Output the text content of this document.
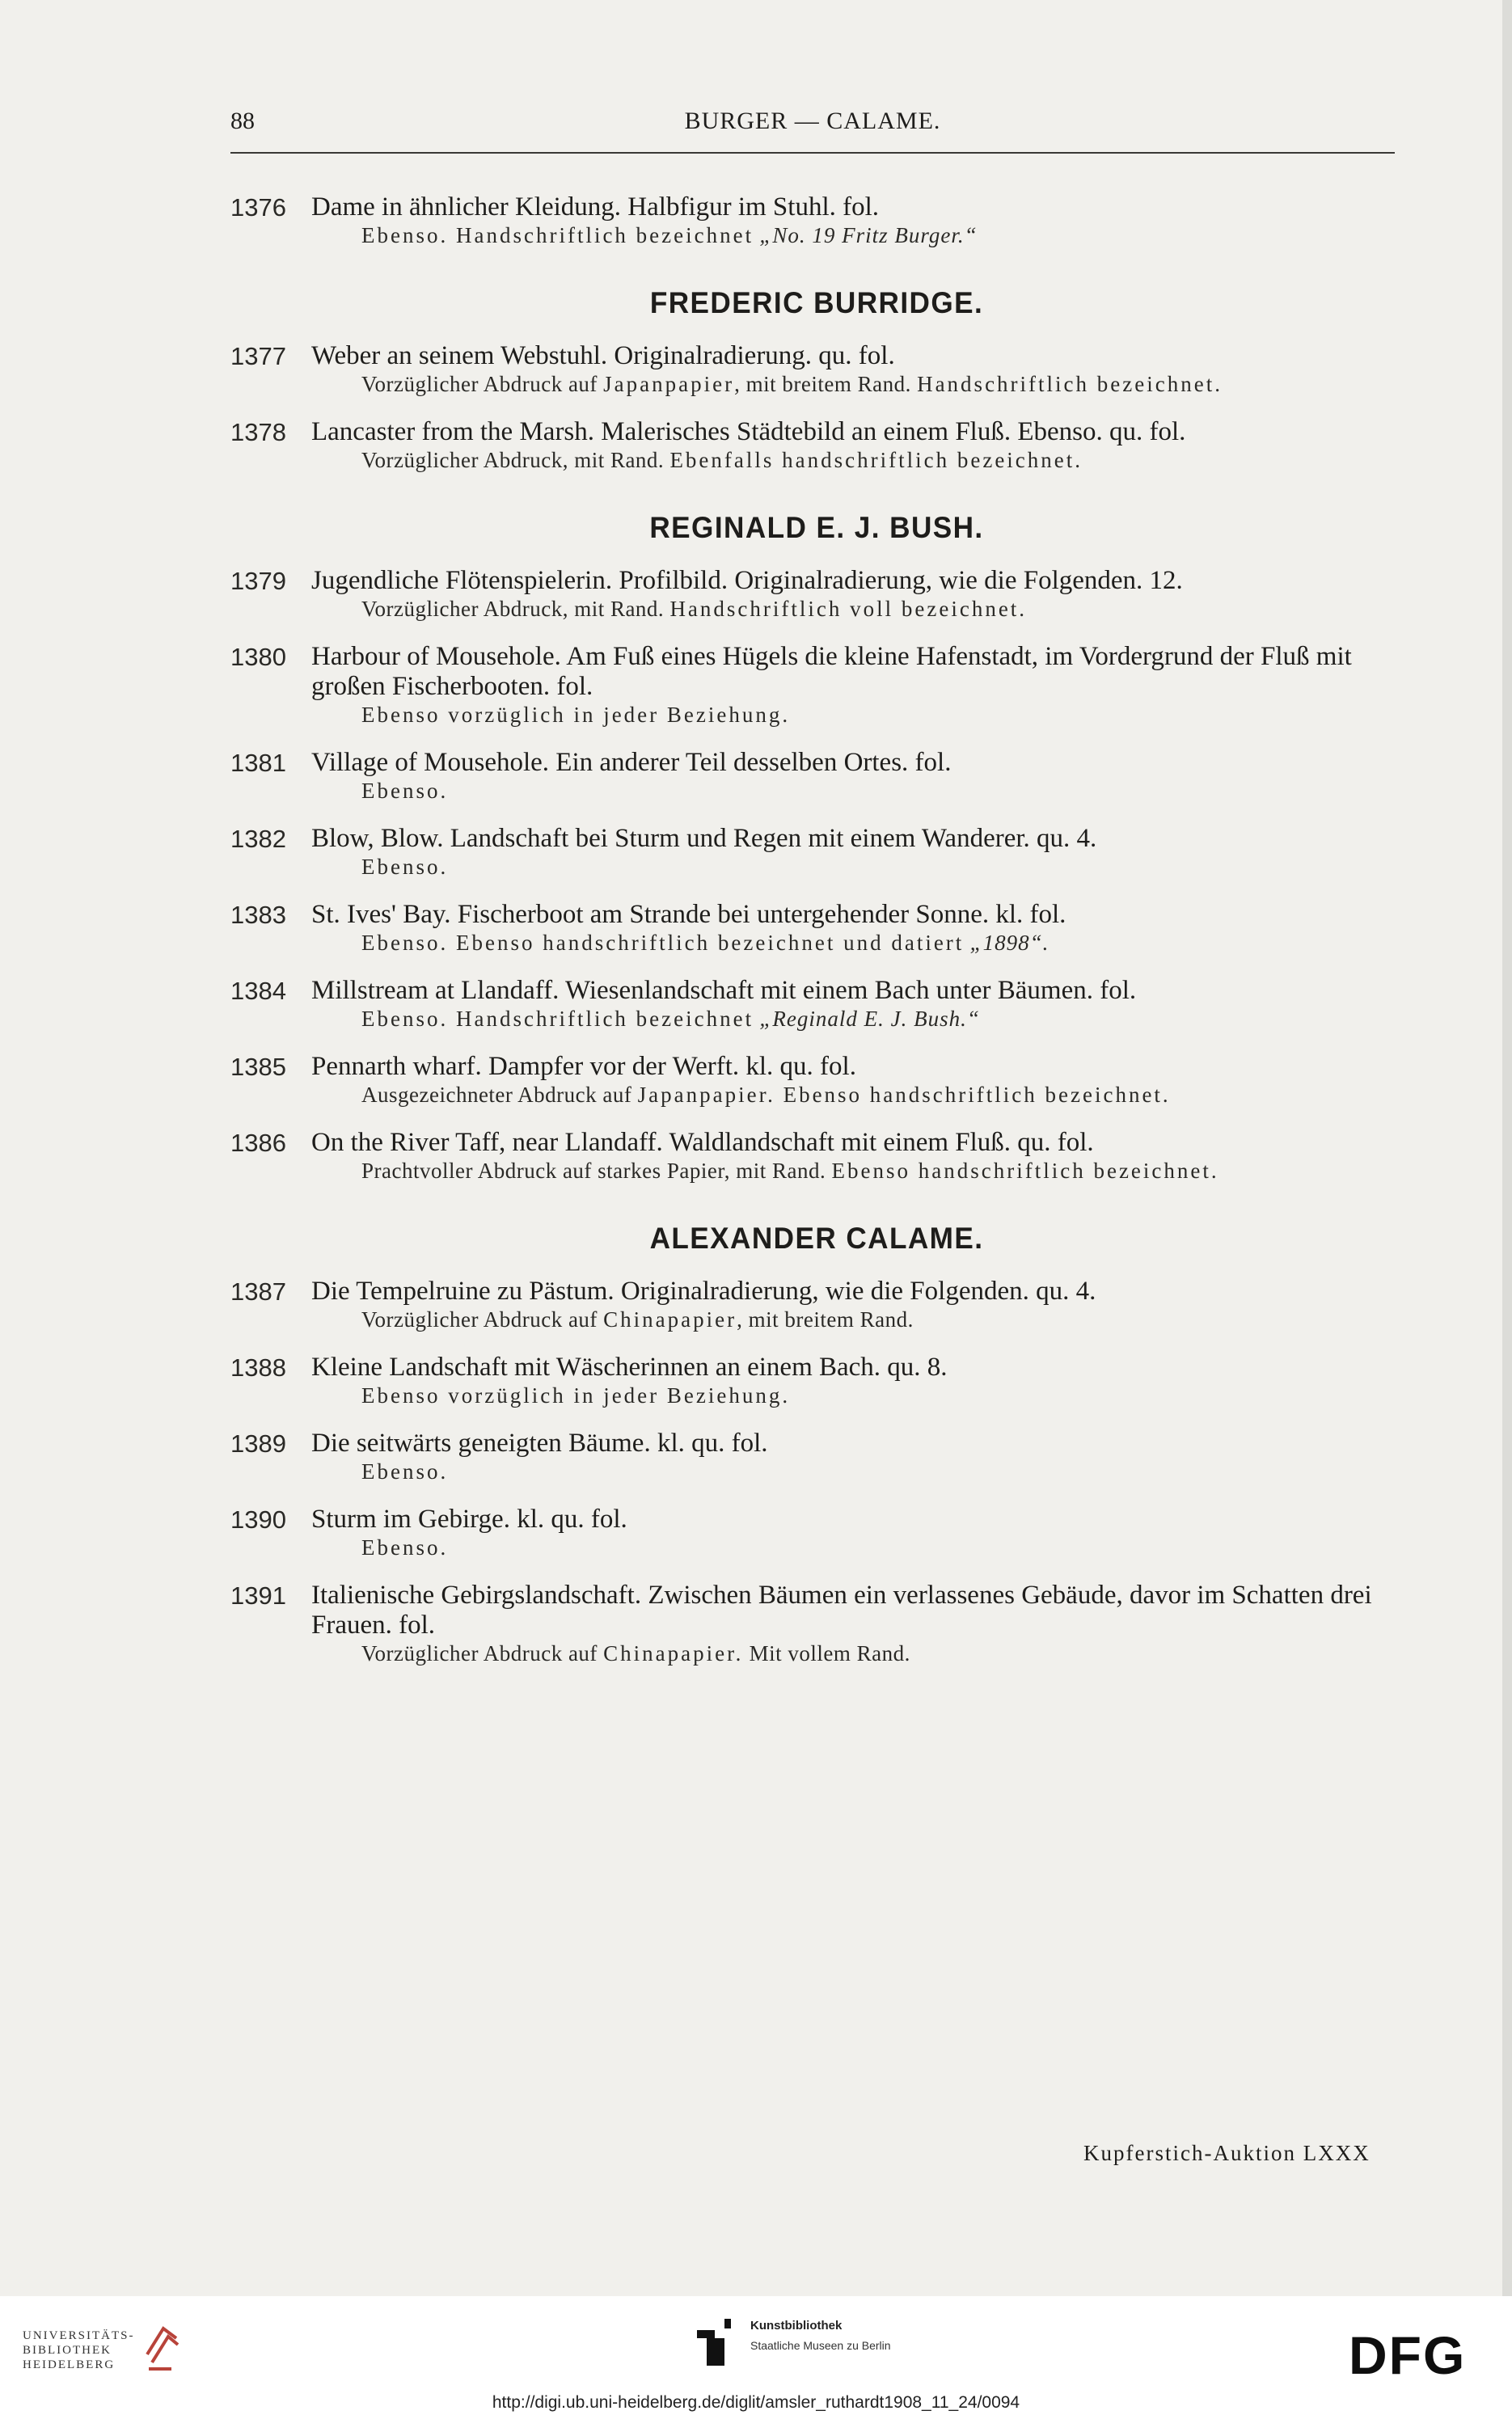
88	BURGER — CALAME.
1376 Dame in ähnlicher Kleidung. Halbfigur im Stuhl. fol.
Ebenso. Handschriftlich bezeichnet „No. 19 Fritz Burger.“
FREDERIC BURRIDGE.
1377 Weber an seinem Webstuhl. Originalradierung. qu. fol.
Vorzüglicher Abdruck auf Japanpapier, mit breitem Rand. Handschriftlich bezeichnet.
1378 Lancaster from the Marsh. Malerisches Städtebild an einem Fluß. Ebenso. qu. fol.
Vorzüglicher Abdruck, mit Rand. Ebenfalls handschriftlich bezeichnet.
REGINALD E. J. BUSH.
1379 Jugendliche Flötenspielerin. Profilbild. Originalradierung, wie die Folgenden. 12.
Vorzüglicher Abdruck, mit Rand. Handschriftlich voll bezeichnet.
1380 Harbour of Mousehole. Am Fuß eines Hügels die kleine Hafenstadt, im Vordergrund der Fluß mit großen Fischerbooten. fol.
Ebenso vorzüglich in jeder Beziehung.
1381 Village of Mousehole. Ein anderer Teil desselben Ortes. fol.
Ebenso.
1382 Blow, Blow. Landschaft bei Sturm und Regen mit einem Wanderer. qu. 4.
Ebenso.
1383 St. Ives' Bay. Fischerboot am Strande bei untergehender Sonne. kl. fol.
Ebenso. Ebenso handschriftlich bezeichnet und datiert „1898“.
1384 Millstream at Llandaff. Wiesenlandschaft mit einem Bach unter Bäumen. fol.
Ebenso. Handschriftlich bezeichnet „Reginald E. J. Bush.“
1385 Pennarth wharf. Dampfer vor der Werft. kl. qu. fol.
Ausgezeichneter Abdruck auf Japanpapier. Ebenso handschriftlich bezeichnet.
1386 On the River Taff, near Llandaff. Waldlandschaft mit einem Fluß. qu. fol.
Prachtvoller Abdruck auf starkes Papier, mit Rand. Ebenso handschriftlich bezeichnet.
ALEXANDER CALAME.
1387 Die Tempelruine zu Pästum. Originalradierung, wie die Folgenden. qu. 4.
Vorzüglicher Abdruck auf Chinapapier, mit breitem Rand.
1388 Kleine Landschaft mit Wäscherinnen an einem Bach. qu. 8.
Ebenso vorzüglich in jeder Beziehung.
1389 Die seitwärts geneigten Bäume. kl. qu. fol.
Ebenso.
1390 Sturm im Gebirge. kl. qu. fol.
Ebenso.
1391 Italienische Gebirgslandschaft. Zwischen Bäumen ein verlassenes Gebäude, davor im Schatten drei Frauen. fol.
Vorzüglicher Abdruck auf Chinapapier. Mit vollem Rand.
Kupferstich-Auktion LXXX
UNIVERSITÄTS-
BIBLIOTHEK
HEIDELBERG
Kunstbibliothek
Staatliche Museen zu Berlin	DFG
http://digi.ub.uni-heidelberg.de/diglit/amsler_ruthardt1908_11_24/0094
